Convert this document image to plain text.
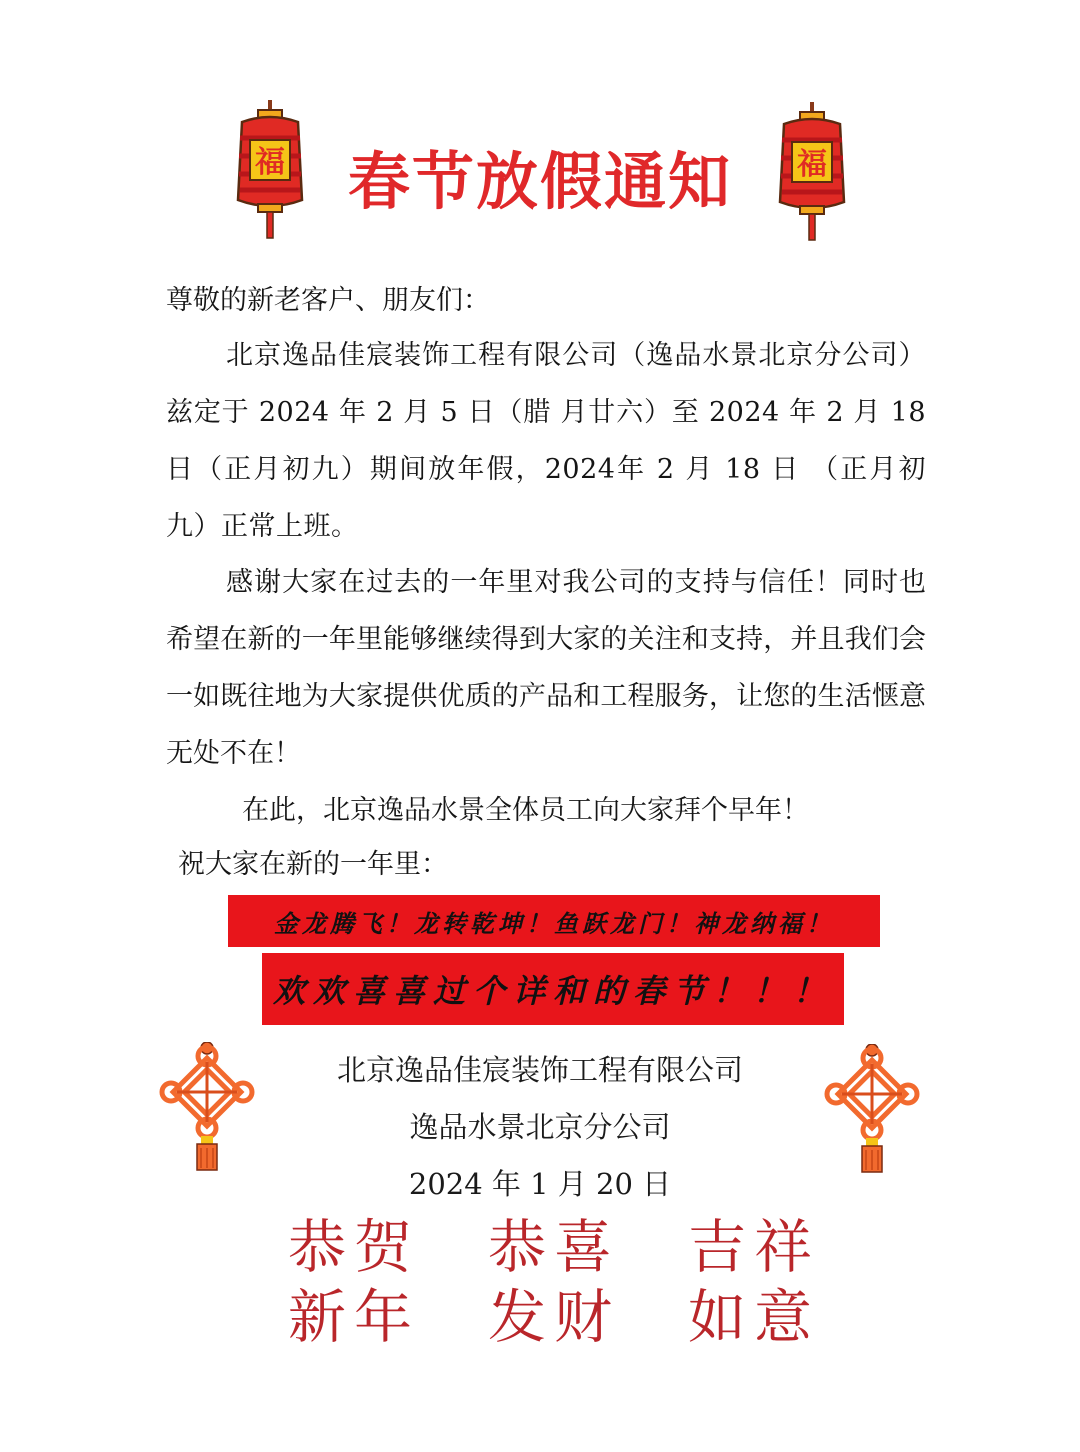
福	福
春节放假通知
尊敬的新老客户、朋友们：
北京逸品佳宸装饰工程有限公司（逸品水景北京分公司）兹定于 2024 年 2 月 5 日（腊 月廿六）至 2024 年 2 月 18 日（正月初九）期间放年假，2024年 2 月 18 日 （正月初九）正常上班。
感谢大家在过去的一年里对我公司的支持与信任！同时也希望在新的一年里能够继续得到大家的关注和支持，并且我们会一如既往地为大家提供优质的产品和工程服务，让您的生活惬意无处不在！
在此，北京逸品水景全体员工向大家拜个早年！
祝大家在新的一年里：
金龙腾飞！龙转乾坤！鱼跃龙门！神龙纳福！
欢欢喜喜过个详和的春节！！！
北京逸品佳宸装饰工程有限公司
逸品水景北京分公司
2024 年 1 月 20 日
恭 贺
新 年
恭 喜
发 财
吉 祥
如 意
